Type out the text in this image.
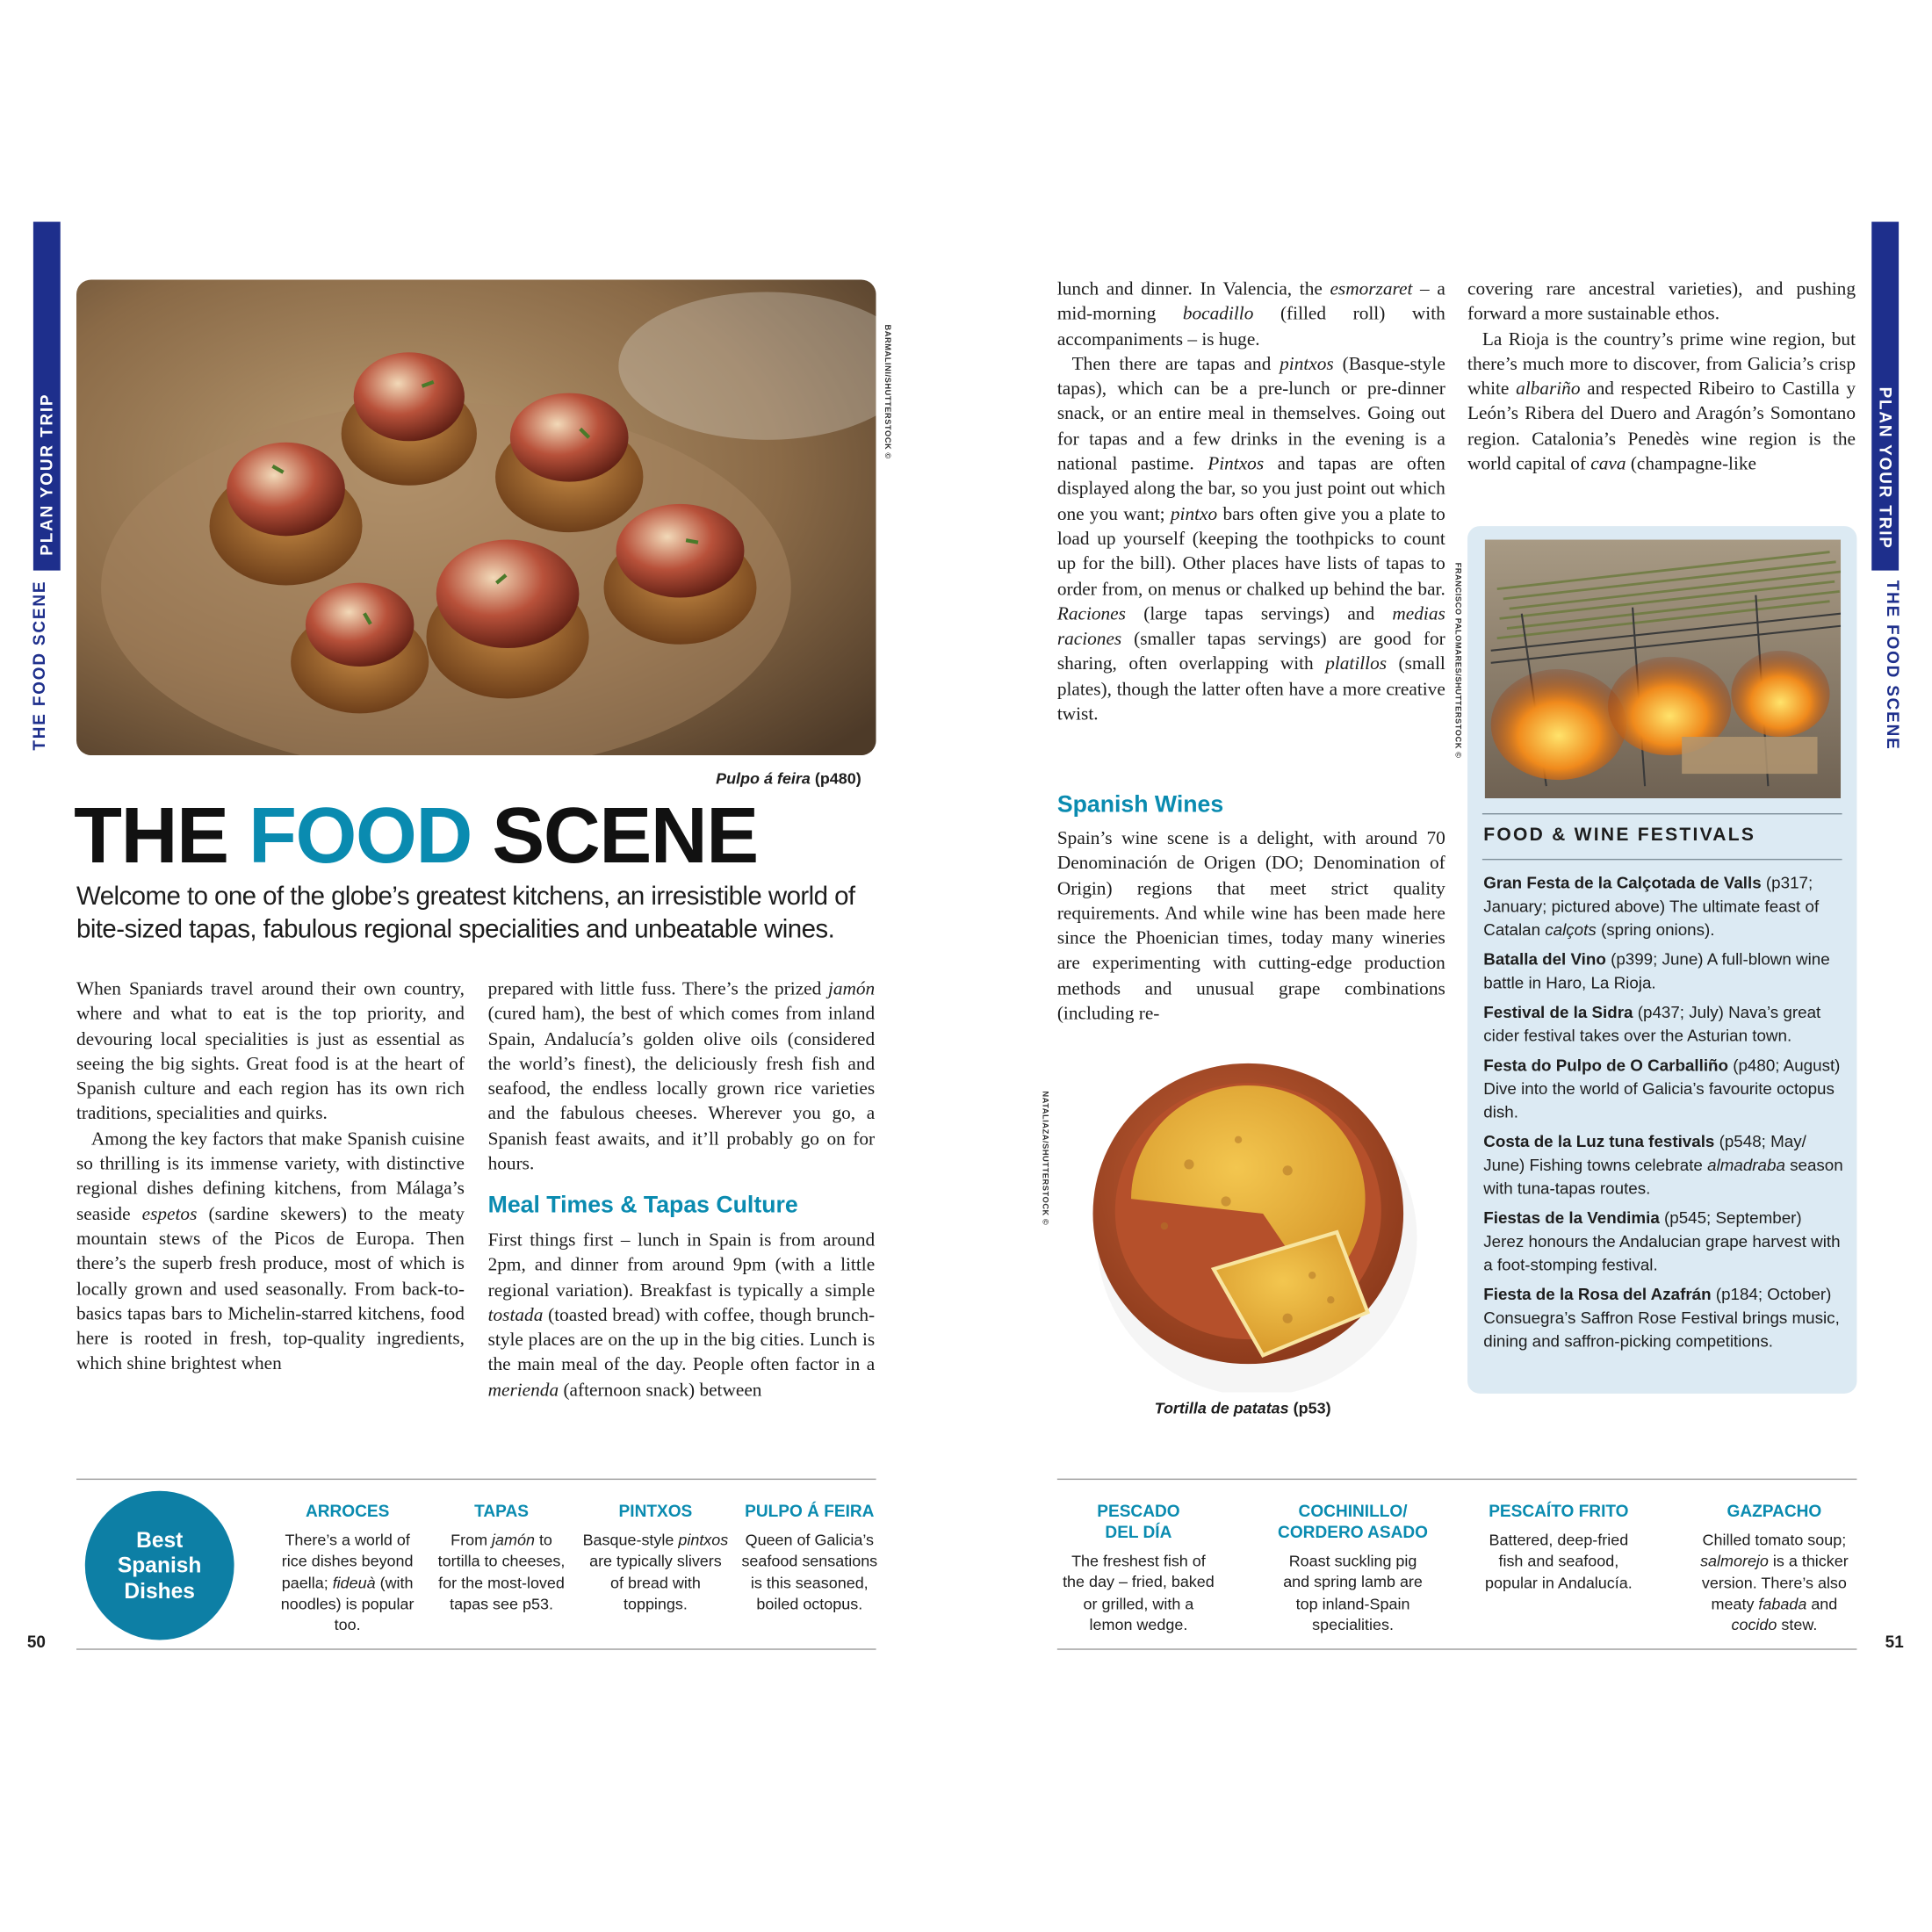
PLAN YOUR TRIP
THE FOOD SCENE
PLAN YOUR TRIP
THE FOOD SCENE
BARMALINI/SHUTTERSTOCK ©
Pulpo á feira (p480)
THE FOOD SCENE
Welcome to one of the globe’s greatest kitchens, an irresistible world of bite-sized tapas, fabulous regional specialities and unbeatable wines.

When Spaniards travel around their own country, where and what to eat is the top priority, and devouring local specialities is just as essential as seeing the big sights. Great food is at the heart of Spanish culture and each region has its own rich traditions, specialities and quirks.

Among the key factors that make Spanish cuisine so thrilling is its immense variety, with distinctive regional dishes defining kitchens, from Málaga’s seaside espetos (sardine skewers) to the meaty mountain stews of the Picos de Europa. Then there’s the superb fresh produce, most of which is locally grown and used seasonally. From back-to-basics tapas bars to Michelin-starred kitchens, food here is rooted in fresh, top-quality ingredients, which shine brightest when

prepared with little fuss. There’s the prized jamón (cured ham), the best of which comes from inland Spain, Andalucía’s golden olive oils (considered the world’s finest), the deliciously fresh fish and seafood, the endless locally grown rice varieties and the fabulous cheeses. Wherever you go, a Spanish feast awaits, and it’ll probably go on for hours.

Meal Times & Tapas Culture

First things first – lunch in Spain is from around 2pm, and dinner from around 9pm (with a little regional variation). Breakfast is typically a simple tostada (toasted bread) with coffee, though brunch-style places are on the up in the big cities. Lunch is the main meal of the day. People often factor in a merienda (afternoon snack) between

lunch and dinner. In Valencia, the esmorzaret – a mid-morning bocadillo (filled roll) with accompaniments – is huge.

Then there are tapas and pintxos (Basque-style tapas), which can be a pre-lunch or pre-dinner snack, or an entire meal in themselves. Going out for tapas and a few drinks in the evening is a national pastime. Pintxos and tapas are often displayed along the bar, so you just point out which one you want; pintxo bars often give you a plate to load up yourself (keeping the toothpicks to count up for the bill). Other places have lists of tapas to order from, on menus or chalked up behind the bar. Raciones (large tapas servings) and medias raciones (smaller tapas servings) are good for sharing, often overlapping with platillos (small plates), though the latter often have a more creative twist.

Spanish Wines

Spain’s wine scene is a delight, with around 70 Denominación de Origen (DO; Denomination of Origin) regions that meet strict quality requirements. And while wine has been made here since the Phoenician times, today many wineries are experimenting with cutting-edge production methods and unusual grape combinations (including re-

covering rare ancestral varieties), and pushing forward a more sustainable ethos.

La Rioja is the country’s prime wine region, but there’s much more to discover, from Galicia’s crisp white albariño and respected Ribeiro to Castilla y León’s Ribera del Duero and Aragón’s Somontano region. Catalonia’s Penedès wine region is the world capital of cava (champagne-like

FRANCISCO PALOMARES/SHUTTERSTOCK ©
FOOD & WINE FESTIVALS

Gran Festa de la Calçotada de Valls (p317; January; pictured above) The ultimate feast of Catalan calçots (spring onions).

Batalla del Vino (p399; June) A full-blown wine battle in Haro, La Rioja.

Festival de la Sidra (p437; July) Nava’s great cider festival takes over the Asturian town.

Festa do Pulpo de O Carballiño (p480; August) Dive into the world of Galicia’s favourite octopus dish.

Costa de la Luz tuna festivals (p548; May/ June) Fishing towns celebrate almadraba season with tuna-tapas routes.

Fiestas de la Vendimia (p545; September) Jerez honours the Andalucian grape harvest with a foot-stomping festival.

Fiesta de la Rosa del Azafrán (p184; October) Consuegra’s Saffron Rose Festival brings music, dining and saffron-picking competitions.

NATALIAZA/SHUTTERSTOCK ©
Tortilla de patatas (p53)
Best Spanish Dishes
ARROCES
There’s a world of rice dishes beyond paella; fideuà (with noodles) is popular too.
TAPAS
From jamón to tortilla to cheeses, for the most-loved tapas see p53.
PINTXOS
Basque-style pintxos are typically slivers of bread with toppings.
PULPO Á FEIRA
Queen of Galicia’s seafood sensations is this seasoned, boiled octopus.
PESCADO DEL DÍA
The freshest fish of the day – fried, baked or grilled, with a lemon wedge.
COCHINILLO/ CORDERO ASADO
Roast suckling pig and spring lamb are top inland-Spain specialities.
PESCAÍTO FRITO
Battered, deep-fried fish and seafood, popular in Andalucía.
GAZPACHO
Chilled tomato soup; salmorejo is a thicker version. There’s also meaty fabada and cocido stew.
50	51
